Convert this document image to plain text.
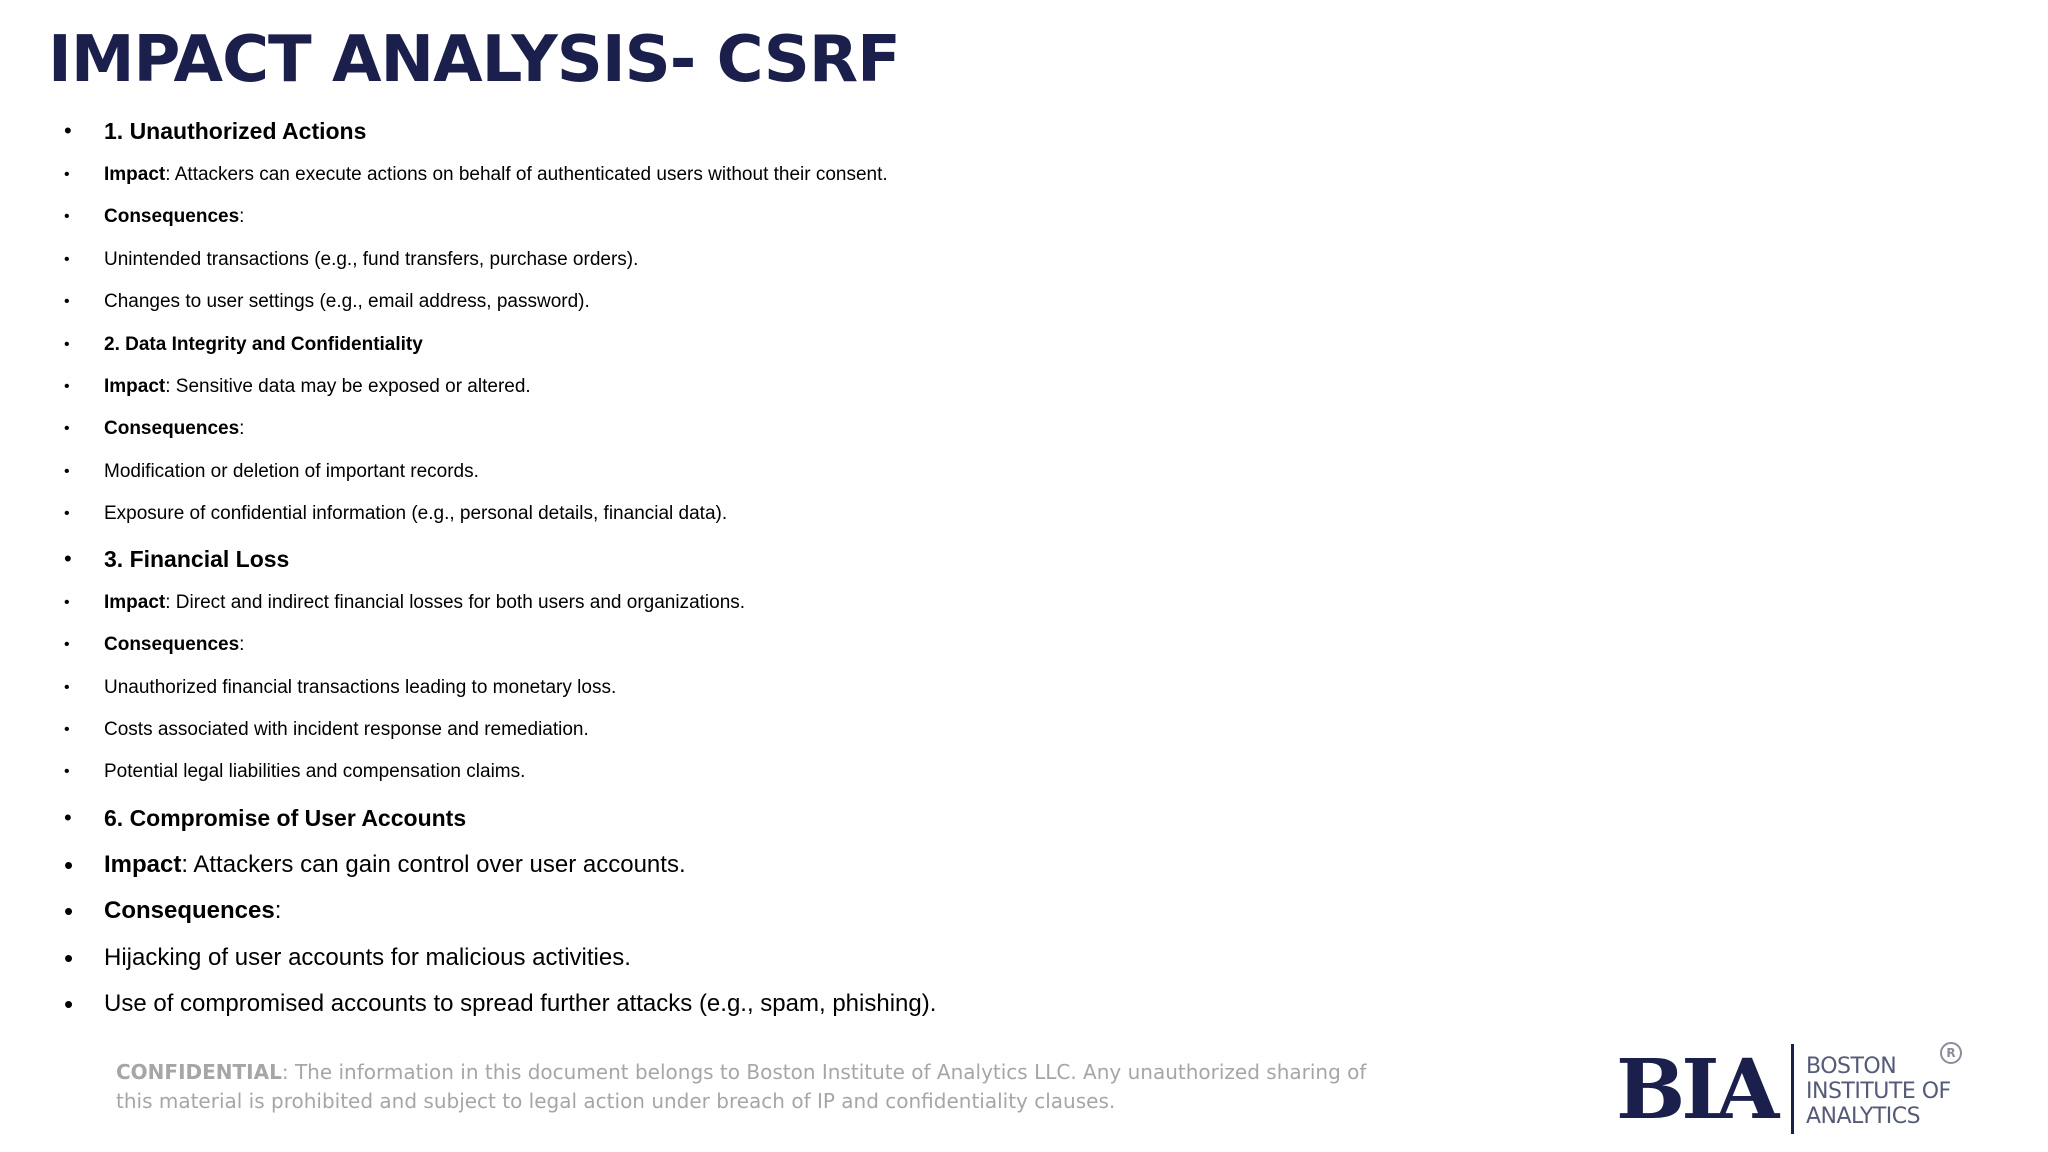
IMPACT ANALYSIS- CSRF
•	1. Unauthorized Actions
•	Impact : Attackers can execute actions on behalf of authenticated users without their consent.
•	Consequences :
•	Unintended transactions (e.g., fund transfers, purchase orders).
•	Changes to user settings (e.g., email address, password).
•	2. Data Integrity and Confidentiality
•	Impact : Sensitive data may be exposed or altered.
•	Consequences :
•	Modification or deletion of important records.
•	Exposure of confidential information (e.g., personal details, financial data).
•	3. Financial Loss
•	Impact : Direct and indirect financial losses for both users and organizations.
•	Consequences :
•	Unauthorized financial transactions leading to monetary loss.
•	Costs associated with incident response and remediation.
•	Potential legal liabilities and compensation claims.
•	6. Compromise of User Accounts
•	Impact : Attackers can gain control over user accounts.
•	Consequences :
•	Hijacking of user accounts for malicious activities.
•	Use of compromised accounts to spread further attacks (e.g., spam, phishing).
CONFIDENTIAL: The information in this document belongs to Boston Institute of Analytics LLC. Any unauthorized sharing of this material is prohibited and subject to legal action under breach of IP and confidentiality clauses.	BIA BOSTON
INSTITUTE OF
ANALYTICS
R
